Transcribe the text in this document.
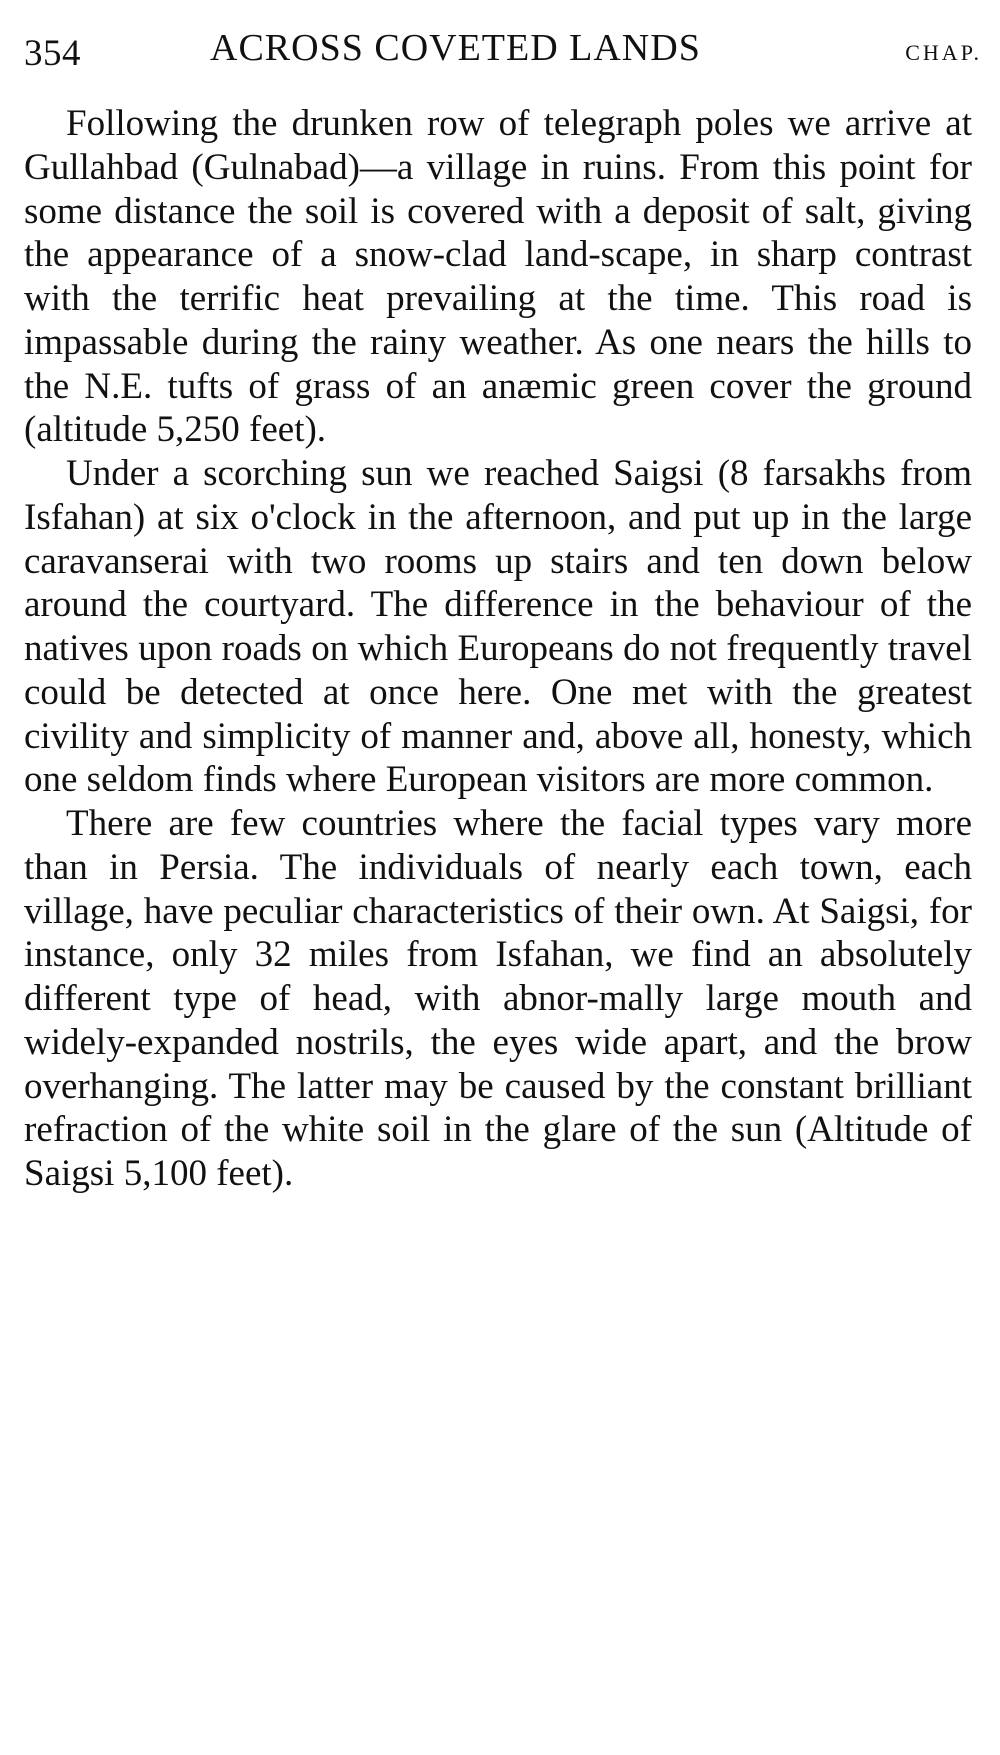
354	ACROSS COVETED LANDS	CHAP.

Following the drunken row of telegraph poles we arrive at Gullahbad (Gulnabad)—a village in ruins. From this point for some distance the soil is covered with a deposit of salt, giving the appearance of a snow-clad land-scape, in sharp contrast with the terrific heat prevailing at the time. This road is impassable during the rainy weather. As one nears the hills to the N.E. tufts of grass of an anæmic green cover the ground (altitude 5,250 feet).

Under a scorching sun we reached Saigsi (8 farsakhs from Isfahan) at six o'clock in the afternoon, and put up in the large caravanserai with two rooms up stairs and ten down below around the courtyard. The difference in the behaviour of the natives upon roads on which Europeans do not frequently travel could be detected at once here. One met with the greatest civility and simplicity of manner and, above all, honesty, which one seldom finds where European visitors are more common.

There are few countries where the facial types vary more than in Persia. The individuals of nearly each town, each village, have peculiar characteristics of their own. At Saigsi, for instance, only 32 miles from Isfahan, we find an absolutely different type of head, with abnor-mally large mouth and widely-expanded nostrils, the eyes wide apart, and the brow overhanging. The latter may be caused by the constant brilliant refraction of the white soil in the glare of the sun (Altitude of Saigsi 5,100 feet).
